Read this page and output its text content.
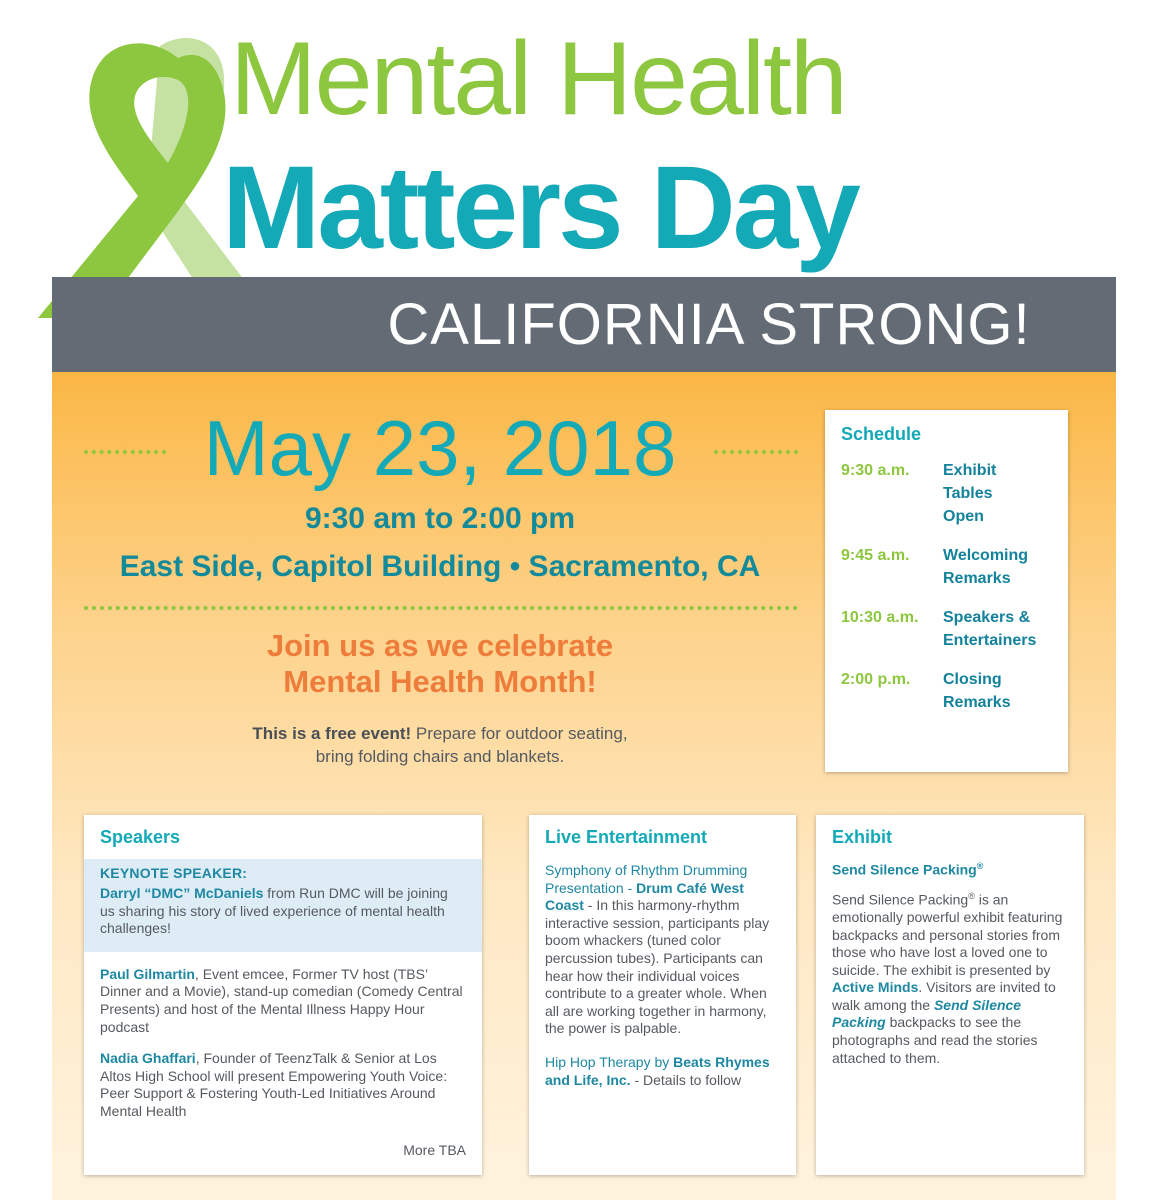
Mental Health
Matters Day
CALIFORNIA STRONG!
May 23, 2018
9:30 am to 2:00 pm
East Side, Capitol Building • Sacramento, CA
Join us as we celebrate
Mental Health Month!
This is a free event! Prepare for outdoor seating,
bring folding chairs and blankets.
Schedule
9:30 a.m.	Exhibit
Tables
Open
9:45 a.m.	Welcoming
Remarks
10:30 a.m.	Speakers &
Entertainers
2:00 p.m.	Closing
Remarks
Speakers
KEYNOTE SPEAKER:
Darryl “DMC” McDaniels from Run DMC will be joining us sharing his story of lived experience of mental health challenges!
Paul Gilmartin, Event emcee, Former TV host (TBS’ Dinner and a Movie), stand-up comedian (Comedy Central Presents) and host of the Mental Illness Happy Hour podcast
Nadia Ghaffari, Founder of TeenzTalk & Senior at Los Altos High School will present Empowering Youth Voice: Peer Support & Fostering Youth-Led Initiatives Around Mental Health
More TBA
Live Entertainment
Symphony of Rhythm Drumming Presentation - Drum Café West Coast - In this harmony-rhythm interactive session, participants play boom whackers (tuned color percussion tubes). Participants can hear how their individual voices contribute to a greater whole. When all are working together in harmony, the power is palpable.
Hip Hop Therapy by Beats Rhymes and Life, Inc. - Details to follow
Exhibit
Send Silence Packing®
Send Silence Packing® is an emotionally powerful exhibit featuring backpacks and personal stories from those who have lost a loved one to suicide. The exhibit is presented by Active Minds. Visitors are invited to walk among the Send Silence Packing backpacks to see the photographs and read the stories attached to them.
